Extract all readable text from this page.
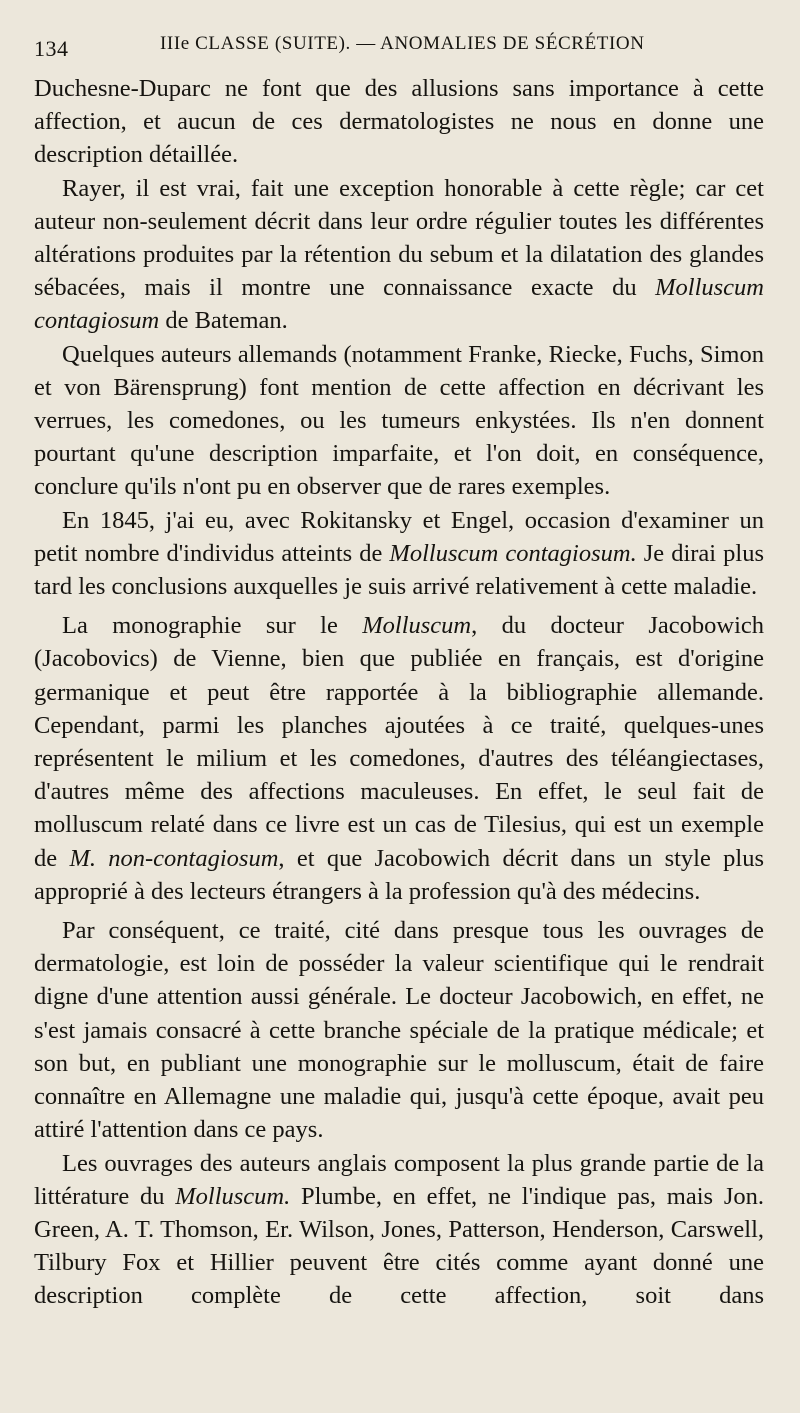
134	IIIe CLASSE (SUITE). — ANOMALIES DE SÉCRÉTION

Duchesne-Duparc ne font que des allusions sans importance à cette affection, et aucun de ces dermatologistes ne nous en donne une description détaillée.

Rayer, il est vrai, fait une exception honorable à cette règle; car cet auteur non-seulement décrit dans leur ordre régulier toutes les différentes altérations produites par la rétention du sebum et la dilatation des glandes sébacées, mais il montre une connaissance exacte du Molluscum contagiosum de Bateman.

Quelques auteurs allemands (notamment Franke, Riecke, Fuchs, Simon et von Bärensprung) font mention de cette affection en décrivant les verrues, les comedones, ou les tumeurs enkystées. Ils n'en donnent pourtant qu'une description imparfaite, et l'on doit, en conséquence, conclure qu'ils n'ont pu en observer que de rares exemples.

En 1845, j'ai eu, avec Rokitansky et Engel, occasion d'examiner un petit nombre d'individus atteints de Molluscum contagiosum. Je dirai plus tard les conclusions auxquelles je suis arrivé relativement à cette maladie.

La monographie sur le Molluscum, du docteur Jacobowich (Jacobovics) de Vienne, bien que publiée en français, est d'origine germanique et peut être rapportée à la bibliographie allemande. Cependant, parmi les planches ajoutées à ce traité, quelques-unes représentent le milium et les comedones, d'autres des téléangiectases, d'autres même des affections maculeuses. En effet, le seul fait de molluscum relaté dans ce livre est un cas de Tilesius, qui est un exemple de M. non-contagiosum, et que Jacobowich décrit dans un style plus approprié à des lecteurs étrangers à la profession qu'à des médecins.

Par conséquent, ce traité, cité dans presque tous les ouvrages de dermatologie, est loin de posséder la valeur scientifique qui le rendrait digne d'une attention aussi générale. Le docteur Jacobowich, en effet, ne s'est jamais consacré à cette branche spéciale de la pratique médicale; et son but, en publiant une monographie sur le molluscum, était de faire connaître en Allemagne une maladie qui, jusqu'à cette époque, avait peu attiré l'attention dans ce pays.

Les ouvrages des auteurs anglais composent la plus grande partie de la littérature du Molluscum. Plumbe, en effet, ne l'indique pas, mais Jon. Green, A. T. Thomson, Er. Wilson, Jones, Patterson, Henderson, Carswell, Tilbury Fox et Hillier peuvent être cités comme ayant donné une description complète de cette affection, soit dans
